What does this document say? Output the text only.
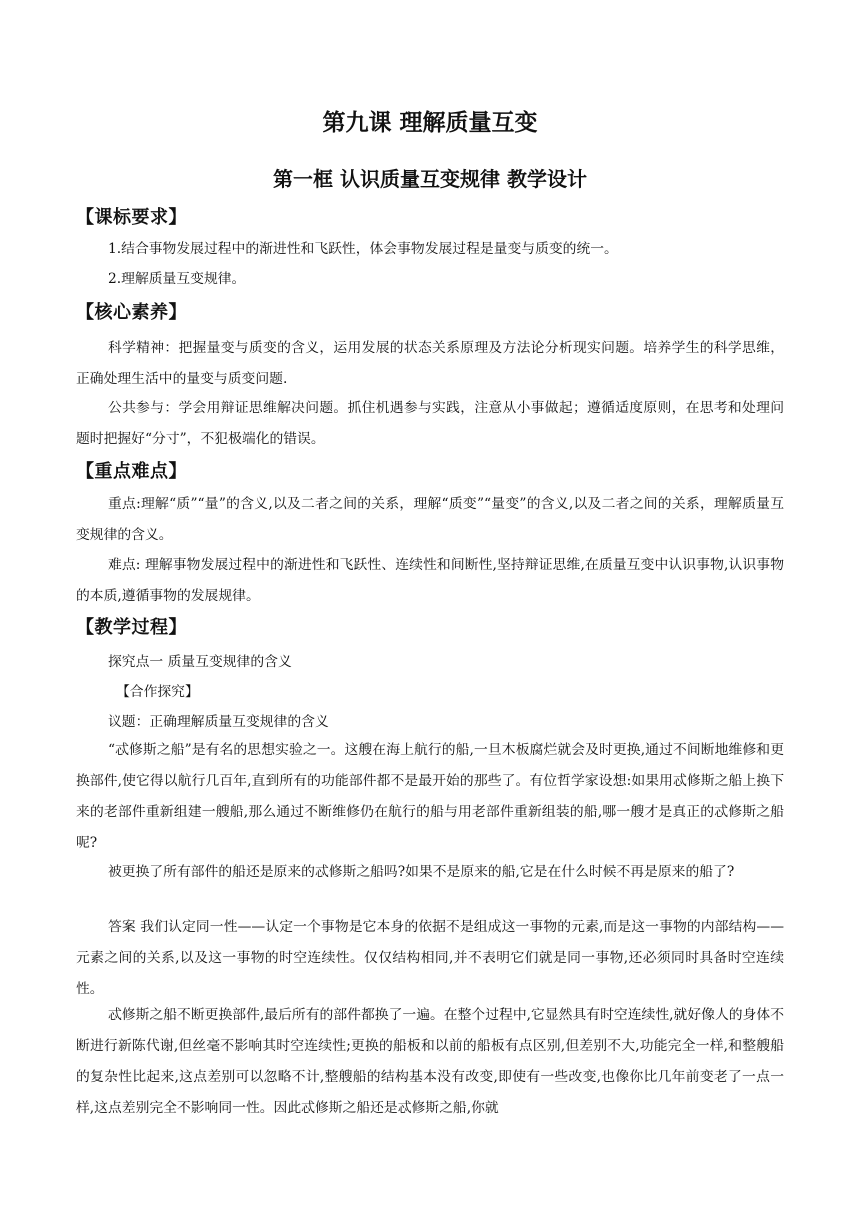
第九课 理解质量互变
第一框 认识质量互变规律 教学设计
【课标要求】
1.结合事物发展过程中的渐进性和飞跃性，体会事物发展过程是量变与质变的统一。
2.理解质量互变规律。
【核心素养】
科学精神：把握量变与质变的含义，运用发展的状态关系原理及方法论分析现实问题。培养学生的科学思维，正确处理生活中的量变与质变问题.
公共参与：学会用辩证思维解决问题。抓住机遇参与实践，注意从小事做起；遵循适度原则，在思考和处理问题时把握好“分寸”，不犯极端化的错误。
【重点难点】
重点:理解“质”“量”的含义,以及二者之间的关系，理解“质变”“量变”的含义,以及二者之间的关系，理解质量互变规律的含义。
难点: 理解事物发展过程中的渐进性和飞跃性、连续性和间断性,坚持辩证思维,在质量互变中认识事物,认识事物的本质,遵循事物的发展规律。
【教学过程】
探究点一 质量互变规律的含义
【合作探究】
议题：正确理解质量互变规律的含义
“忒修斯之船”是有名的思想实验之一。这艘在海上航行的船,一旦木板腐烂就会及时更换,通过不间断地维修和更换部件,使它得以航行几百年,直到所有的功能部件都不是最开始的那些了。有位哲学家设想:如果用忒修斯之船上换下来的老部件重新组建一艘船,那么通过不断维修仍在航行的船与用老部件重新组装的船,哪一艘才是真正的忒修斯之船呢?
被更换了所有部件的船还是原来的忒修斯之船吗?如果不是原来的船,它是在什么时候不再是原来的船了?
答案 我们认定同一性——认定一个事物是它本身的依据不是组成这一事物的元素,而是这一事物的内部结构——元素之间的关系,以及这一事物的时空连续性。仅仅结构相同,并不表明它们就是同一事物,还必须同时具备时空连续性。
忒修斯之船不断更换部件,最后所有的部件都换了一遍。在整个过程中,它显然具有时空连续性,就好像人的身体不断进行新陈代谢,但丝毫不影响其时空连续性;更换的船板和以前的船板有点区别,但差别不大,功能完全一样,和整艘船的复杂性比起来,这点差别可以忽略不计,整艘船的结构基本没有改变,即使有一些改变,也像你比几年前变老了一点一样,这点差别完全不影响同一性。因此忒修斯之船还是忒修斯之船,你就
